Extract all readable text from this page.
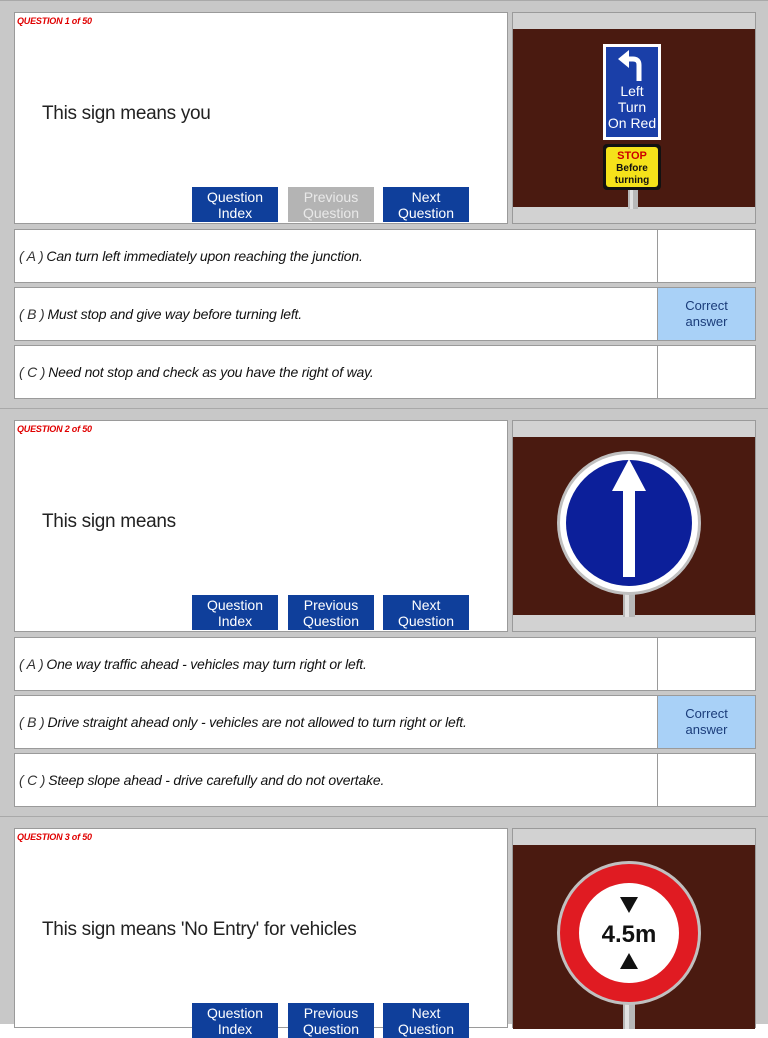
QUESTION 1 of 50
This sign means you
Question
Index
Previous
Question
Next
Question
Left
Turn
On Red
STOP
Before
turning
( A ) Can turn left immediately upon reaching the junction.
( B ) Must stop and give way before turning left.
Correct
answer
( C ) Need not stop and check as you have the right of way.
QUESTION 2 of 50
This sign means
Question
Index
Previous
Question
Next
Question
( A ) One way traffic ahead - vehicles may turn right or left.
( B ) Drive straight ahead only - vehicles are not allowed to turn right or left.
Correct
answer
( C ) Steep slope ahead - drive carefully and do not overtake.
QUESTION 3 of 50
This sign means 'No Entry' for vehicles
Question
Index
Previous
Question
Next
Question
4.5m
